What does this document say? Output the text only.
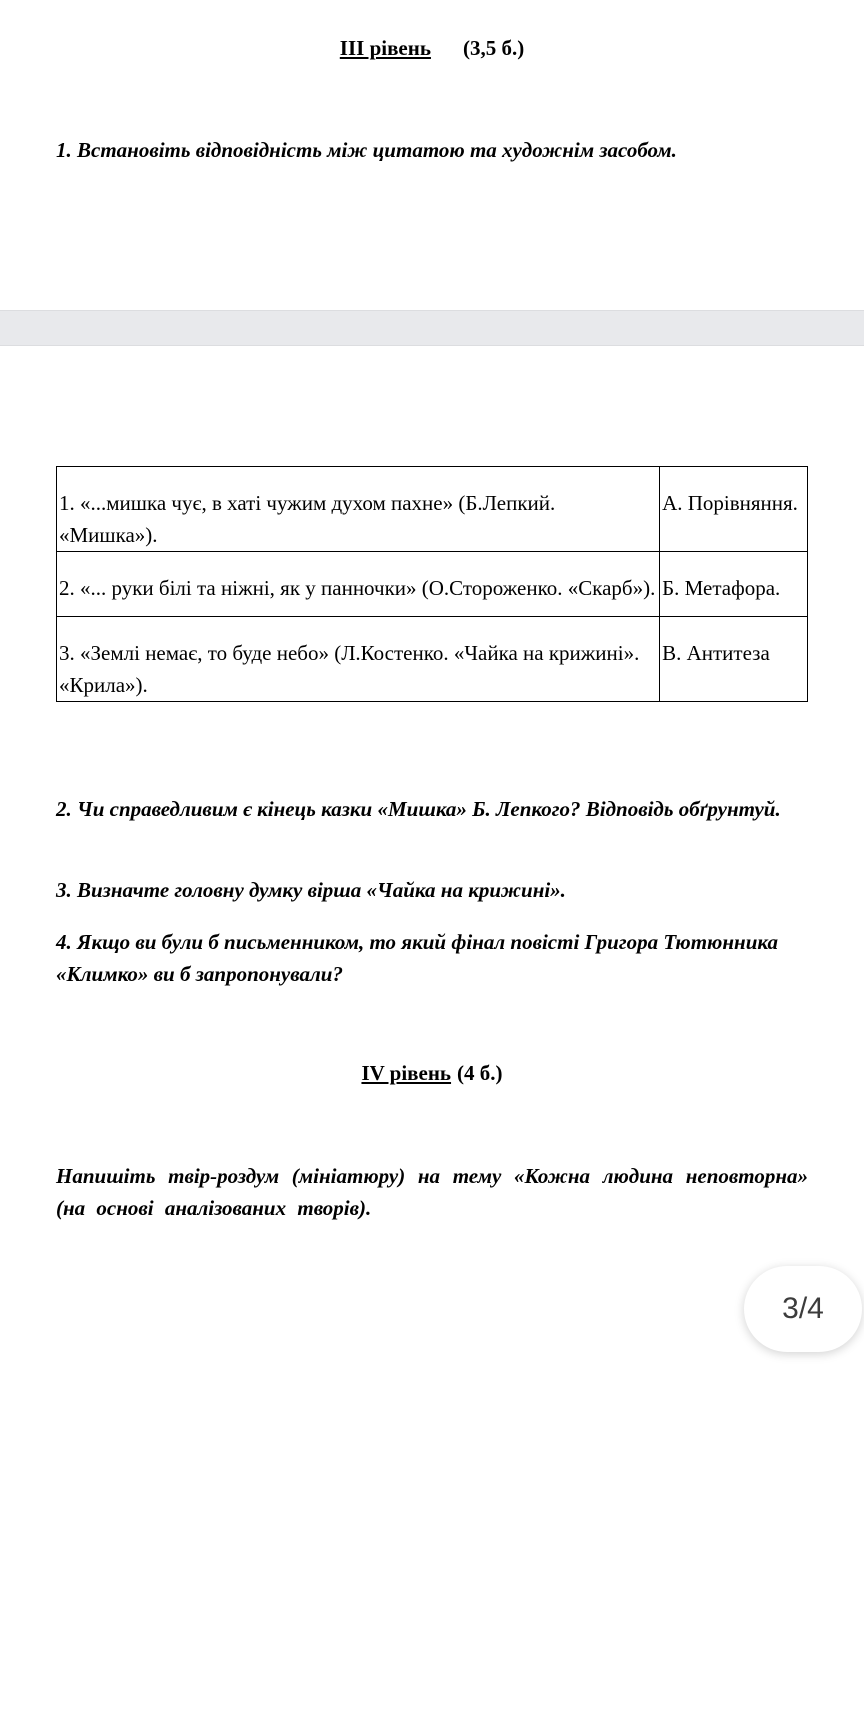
III рівень (3,5 б.)
1. Встановіть відповідність між цитатою та художнім засобом.
1. «...мишка чує, в хаті чужим духом пахне» (Б.Лепкий. «Мишка»).	А. Порівняння.
2. «... руки білі та ніжні, як у панночки» (О.Стороженко. «Скарб»).	Б. Метафора.
3. «Землі немає, то буде небо» (Л.Костенко. «Чайка на крижині». «Крила»).	В. Антитеза
2. Чи справедливим є кінець казки «Мишка» Б. Лепкого? Відповідь обґрунтуй.
3. Визначте головну думку вірша «Чайка на крижині».
4. Якщо ви були б письменником, то який фінал повісті Григора Тютюнника «Климко» ви б запропонували?
IV рівень (4 б.)
Напишіть твір-роздум (мініатюру) на тему «Кожна людина неповторна» (на основі аналізованих творів).
3/4
